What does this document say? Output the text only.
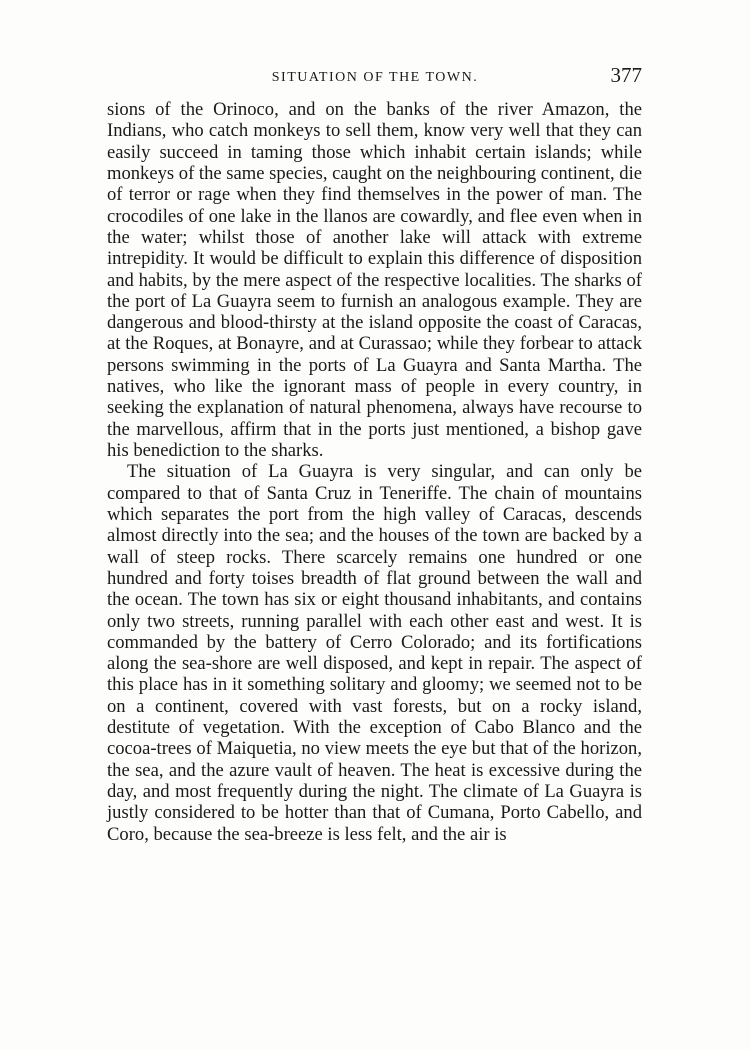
SITUATION OF THE TOWN.	377

sions of the Orinoco, and on the banks of the river Amazon, the Indians, who catch monkeys to sell them, know very well that they can easily succeed in taming those which inhabit certain islands; while monkeys of the same species, caught on the neighbouring continent, die of terror or rage when they find themselves in the power of man. The crocodiles of one lake in the llanos are cowardly, and flee even when in the water; whilst those of another lake will attack with extreme intrepidity. It would be difficult to explain this difference of disposition and habits, by the mere aspect of the respective localities. The sharks of the port of La Guayra seem to furnish an analogous example. They are dangerous and blood-thirsty at the island opposite the coast of Caracas, at the Roques, at Bonayre, and at Curassao; while they forbear to attack persons swimming in the ports of La Guayra and Santa Martha. The natives, who like the ignorant mass of people in every country, in seeking the explanation of natural phenomena, always have recourse to the marvellous, affirm that in the ports just mentioned, a bishop gave his benediction to the sharks.

The situation of La Guayra is very singular, and can only be compared to that of Santa Cruz in Teneriffe. The chain of mountains which separates the port from the high valley of Caracas, descends almost directly into the sea; and the houses of the town are backed by a wall of steep rocks. There scarcely remains one hundred or one hundred and forty toises breadth of flat ground between the wall and the ocean. The town has six or eight thousand inhabitants, and contains only two streets, running parallel with each other east and west. It is commanded by the battery of Cerro Colorado; and its fortifications along the sea-shore are well disposed, and kept in repair. The aspect of this place has in it something solitary and gloomy; we seemed not to be on a continent, covered with vast forests, but on a rocky island, destitute of vegetation. With the exception of Cabo Blanco and the cocoa-trees of Maiquetia, no view meets the eye but that of the horizon, the sea, and the azure vault of heaven. The heat is excessive during the day, and most frequently during the night. The climate of La Guayra is justly considered to be hotter than that of Cumana, Porto Cabello, and Coro, because the sea-breeze is less felt, and the air is
